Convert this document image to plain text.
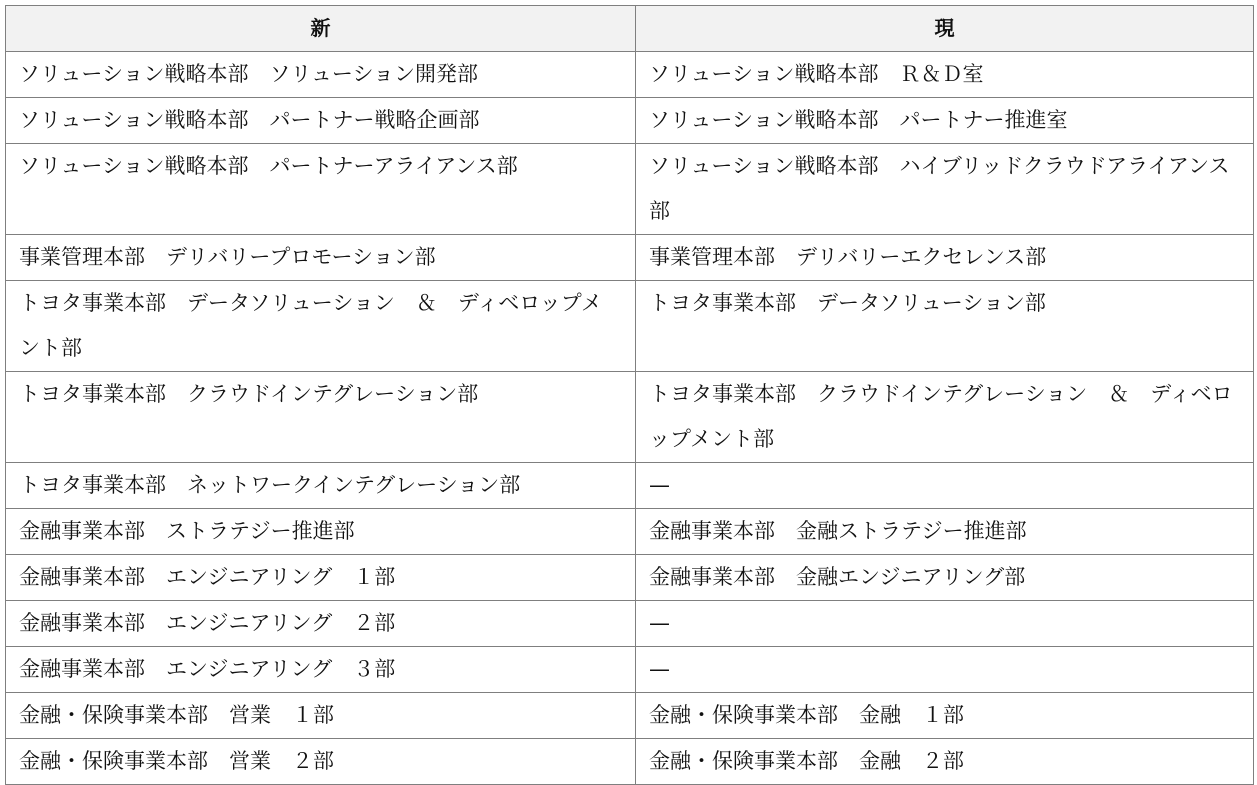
新	現

ソリューション戦略本部　ソリューション開発部	ソリューション戦略本部　Ｒ＆Ｄ室

ソリューション戦略本部　パートナー戦略企画部	ソリューション戦略本部　パートナー推進室

ソリューション戦略本部　パートナーアライアンス部	ソリューション戦略本部　ハイブリッドクラウドアライアンス部

事業管理本部　デリバリープロモーション部	事業管理本部　デリバリーエクセレンス部

トヨタ事業本部　データソリューション　＆　ディベロップメント部	トヨタ事業本部　データソリューション部

トヨタ事業本部　クラウドインテグレーション部	トヨタ事業本部　クラウドインテグレーション　＆　ディベロップメント部

トヨタ事業本部　ネットワークインテグレーション部	—

金融事業本部　ストラテジー推進部	金融事業本部　金融ストラテジー推進部

金融事業本部　エンジニアリング　１部	金融事業本部　金融エンジニアリング部

金融事業本部　エンジニアリング　２部	—

金融事業本部　エンジニアリング　３部	—

金融・保険事業本部　営業　１部	金融・保険事業本部　金融　１部

金融・保険事業本部　営業　２部	金融・保険事業本部　金融　２部
